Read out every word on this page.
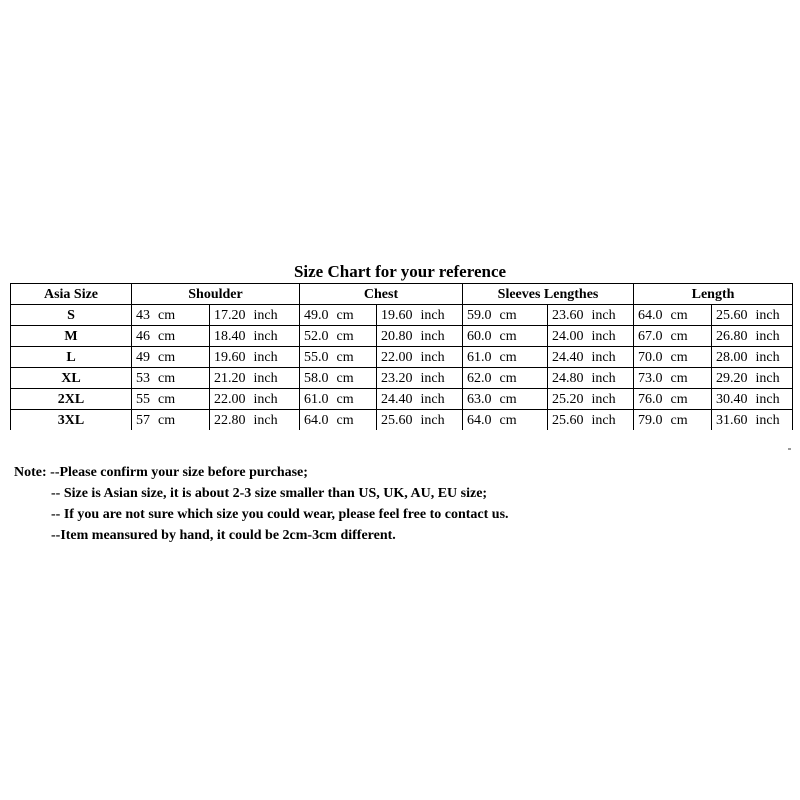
Size Chart for your reference
Asia Size	Shoulder		Chest		Sleeves Lengthes		Length	
S	43 cm	17.20 inch	49.0 cm	19.60 inch	59.0 cm	23.60 inch	64.0 cm	25.60 inch
M	46 cm	18.40 inch	52.0 cm	20.80 inch	60.0 cm	24.00 inch	67.0 cm	26.80 inch
L	49 cm	19.60 inch	55.0 cm	22.00 inch	61.0 cm	24.40 inch	70.0 cm	28.00 inch
XL	53 cm	21.20 inch	58.0 cm	23.20 inch	62.0 cm	24.80 inch	73.0 cm	29.20 inch
2XL	55 cm	22.00 inch	61.0 cm	24.40 inch	63.0 cm	25.20 inch	76.0 cm	30.40 inch
3XL	57 cm	22.80 inch	64.0 cm	25.60 inch	64.0 cm	25.60 inch	79.0 cm	31.60 inch
Note: --Please confirm your size before purchase;
-- Size is Asian size, it is about 2-3 size smaller than US, UK, AU, EU size;
-- If you are not sure which size you could wear, please feel free to contact us.
--Item meansured by hand, it could be 2cm-3cm different.
